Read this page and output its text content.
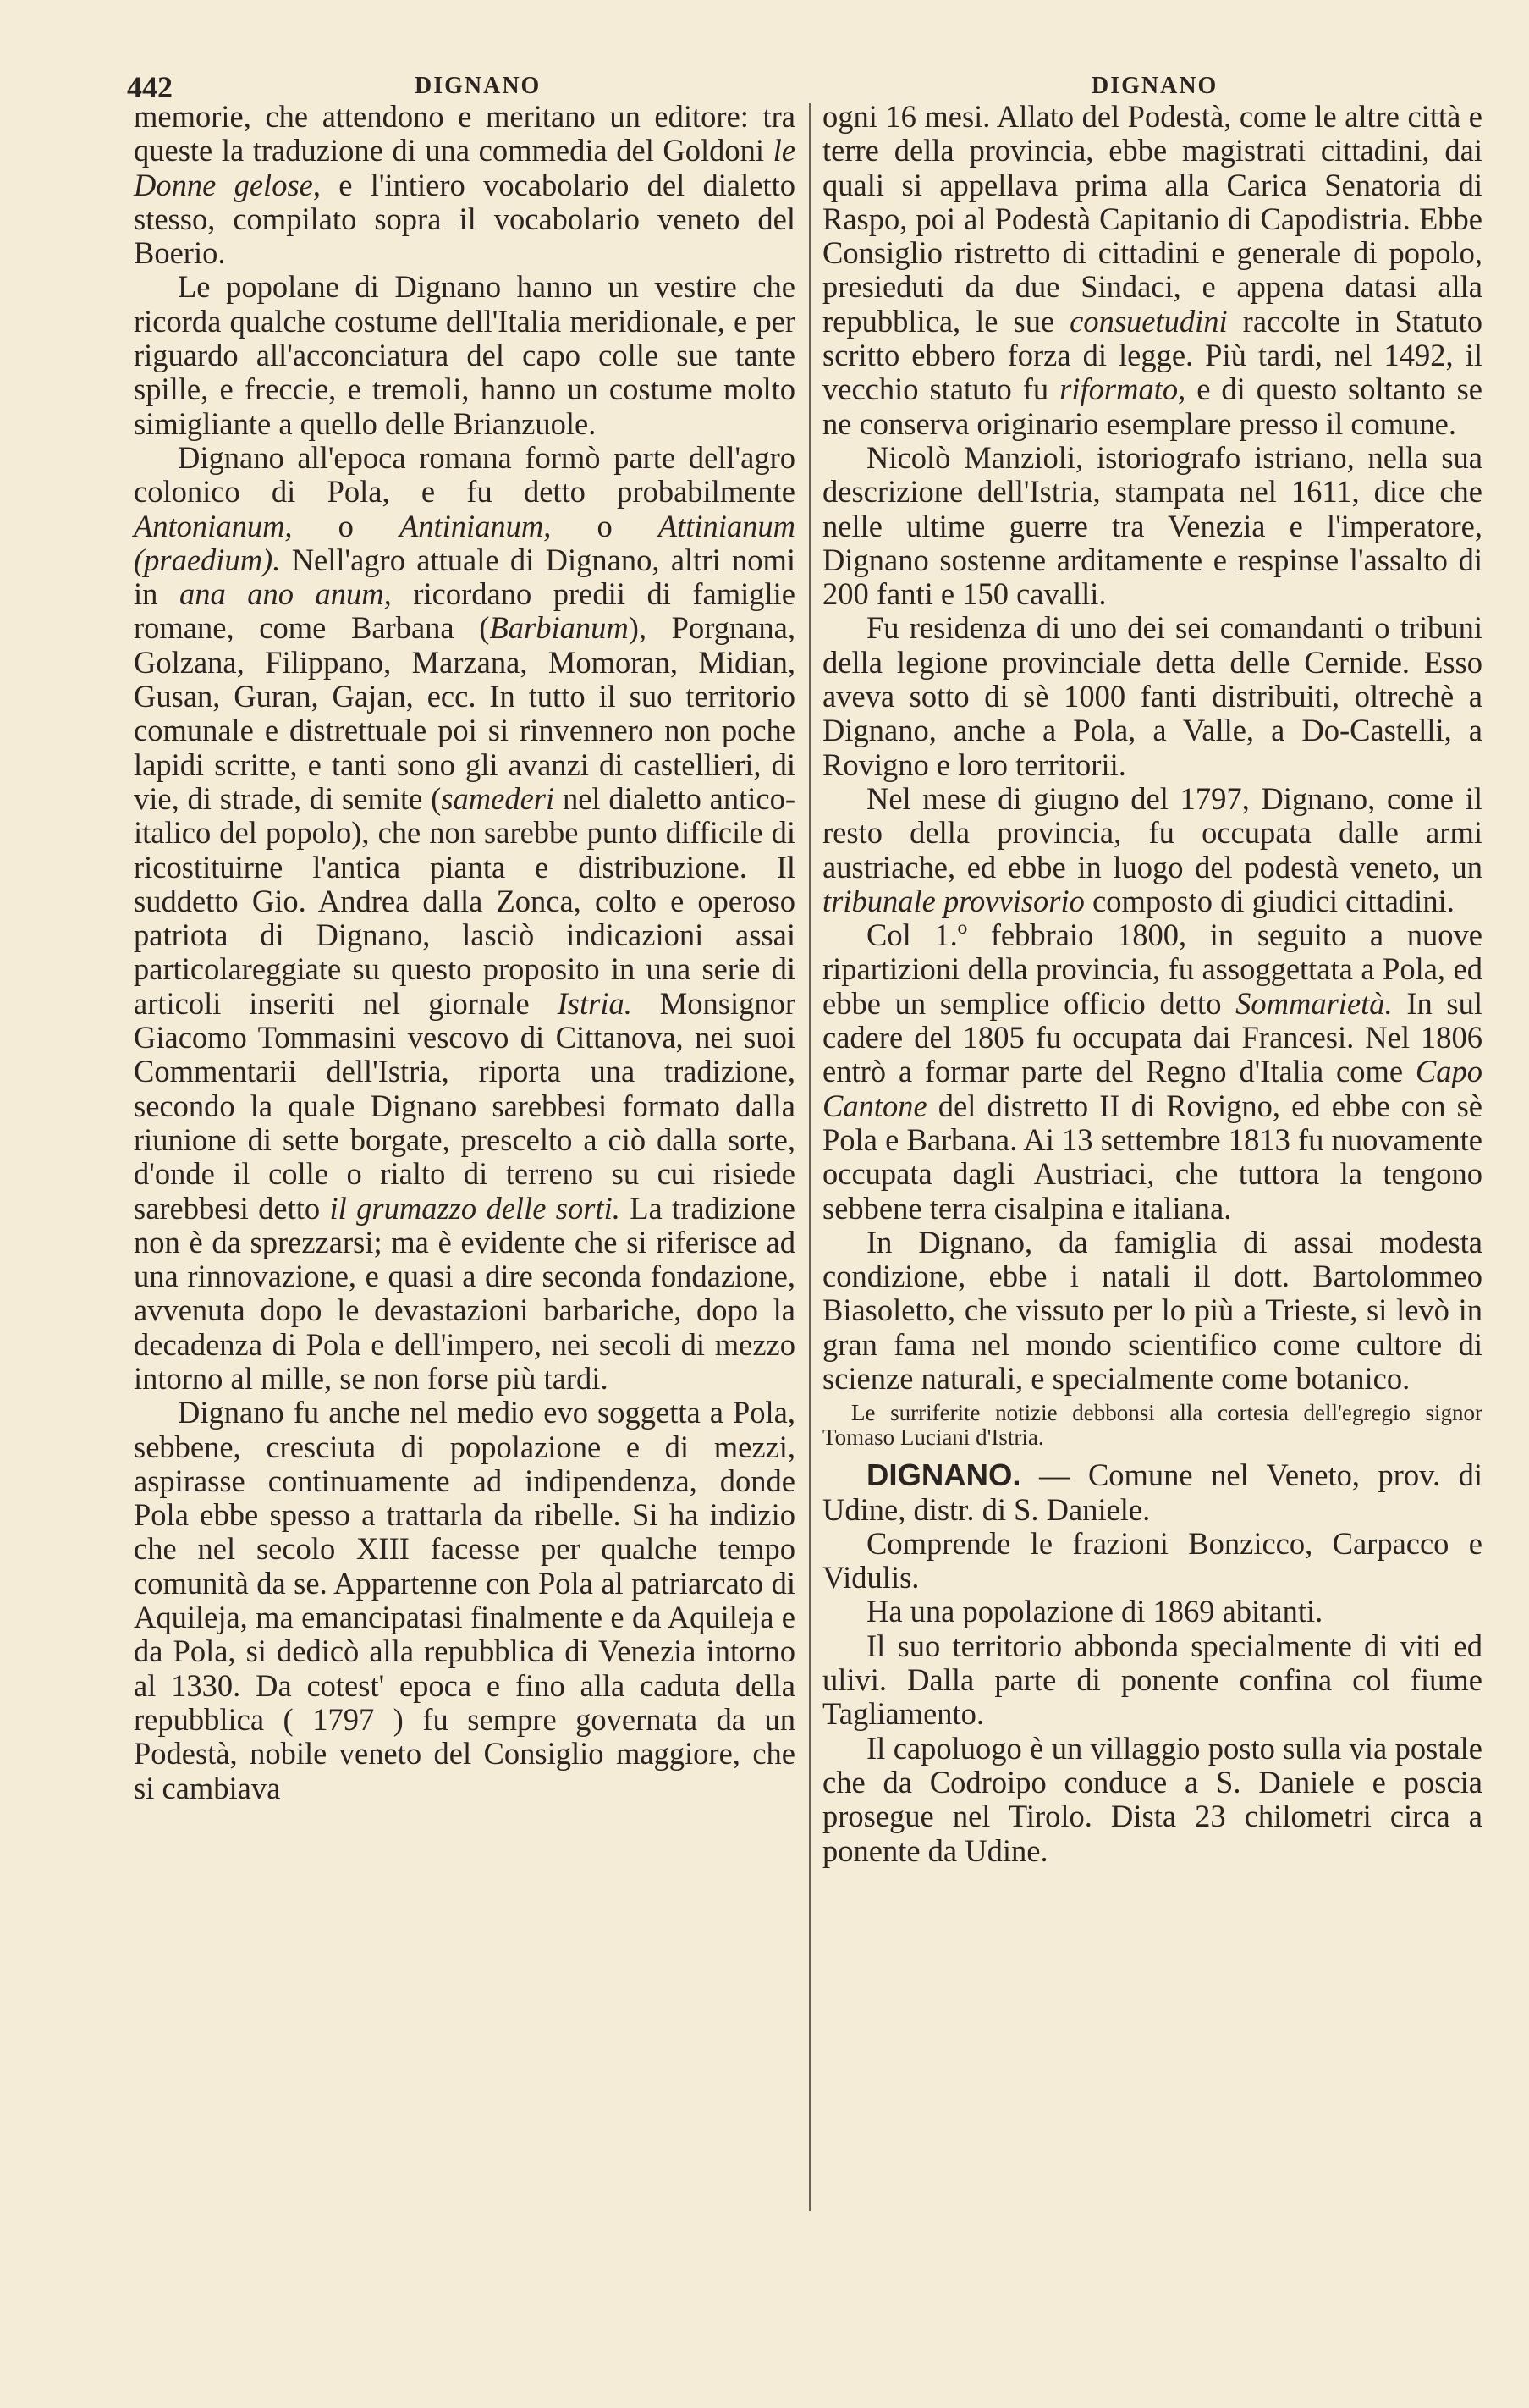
442	DIGNANO	DIGNANO

memorie, che attendono e meritano un editore: tra queste la traduzione di una commedia del Goldoni le Donne gelose, e l'intiero vocabolario del dialetto stesso, compilato sopra il vocabolario veneto del Boerio.

Le popolane di Dignano hanno un vestire che ricorda qualche costume dell'Italia meridionale, e per riguardo all'acconciatura del capo colle sue tante spille, e freccie, e tremoli, hanno un costume molto simigliante a quello delle Brianzuole.

Dignano all'epoca romana formò parte dell'agro colonico di Pola, e fu detto probabilmente Antonianum, o Antinianum, o Attinianum (praedium). Nell'agro attuale di Dignano, altri nomi in ana ano anum, ricordano predii di famiglie romane, come Barbana (Barbianum), Porgnana, Golzana, Filippano, Marzana, Momoran, Midian, Gusan, Guran, Gajan, ecc. In tutto il suo territorio comunale e distrettuale poi si rinvennero non poche lapidi scritte, e tanti sono gli avanzi di castellieri, di vie, di strade, di semite (samederi nel dialetto antico-italico del popolo), che non sarebbe punto difficile di ricostituirne l'antica pianta e distribuzione. Il suddetto Gio. Andrea dalla Zonca, colto e operoso patriota di Dignano, lasciò indicazioni assai particolareggiate su questo proposito in una serie di articoli inseriti nel giornale Istria. Monsignor Giacomo Tommasini vescovo di Cittanova, nei suoi Commentarii dell'Istria, riporta una tradizione, secondo la quale Dignano sarebbesi formato dalla riunione di sette borgate, prescelto a ciò dalla sorte, d'onde il colle o rialto di terreno su cui risiede sarebbesi detto il grumazzo delle sorti. La tradizione non è da sprezzarsi; ma è evidente che si riferisce ad una rinnovazione, e quasi a dire seconda fondazione, avvenuta dopo le devastazioni barbariche, dopo la decadenza di Pola e dell'impero, nei secoli di mezzo intorno al mille, se non forse più tardi.

Dignano fu anche nel medio evo soggetta a Pola, sebbene, cresciuta di popolazione e di mezzi, aspirasse continuamente ad indipendenza, donde Pola ebbe spesso a trattarla da ribelle. Si ha indizio che nel secolo XIII facesse per qualche tempo comunità da se. Appartenne con Pola al patriarcato di Aquileja, ma emancipatasi finalmente e da Aquileja e da Pola, si dedicò alla repubblica di Venezia intorno al 1330. Da cotest' epoca e fino alla caduta della repubblica ( 1797 ) fu sempre governata da un Podestà, nobile veneto del Consiglio maggiore, che si cambiava

ogni 16 mesi. Allato del Podestà, come le altre città e terre della provincia, ebbe magistrati cittadini, dai quali si appellava prima alla Carica Senatoria di Raspo, poi al Podestà Capitanio di Capodistria. Ebbe Consiglio ristretto di cittadini e generale di popolo, presieduti da due Sindaci, e appena datasi alla repubblica, le sue consuetudini raccolte in Statuto scritto ebbero forza di legge. Più tardi, nel 1492, il vecchio statuto fu riformato, e di questo soltanto se ne conserva originario esemplare presso il comune.

Nicolò Manzioli, istoriografo istriano, nella sua descrizione dell'Istria, stampata nel 1611, dice che nelle ultime guerre tra Venezia e l'imperatore, Dignano sostenne arditamente e respinse l'assalto di 200 fanti e 150 cavalli.

Fu residenza di uno dei sei comandanti o tribuni della legione provinciale detta delle Cernide. Esso aveva sotto di sè 1000 fanti distribuiti, oltrechè a Dignano, anche a Pola, a Valle, a Do-Castelli, a Rovigno e loro territorii.

Nel mese di giugno del 1797, Dignano, come il resto della provincia, fu occupata dalle armi austriache, ed ebbe in luogo del podestà veneto, un tribunale provvisorio composto di giudici cittadini.

Col 1.º febbraio 1800, in seguito a nuove ripartizioni della provincia, fu assoggettata a Pola, ed ebbe un semplice officio detto Sommarietà. In sul cadere del 1805 fu occupata dai Francesi. Nel 1806 entrò a formar parte del Regno d'Italia come Capo Cantone del distretto II di Rovigno, ed ebbe con sè Pola e Barbana. Ai 13 settembre 1813 fu nuovamente occupata dagli Austriaci, che tuttora la tengono sebbene terra cisalpina e italiana.

In Dignano, da famiglia di assai modesta condizione, ebbe i natali il dott. Bartolommeo Biasoletto, che vissuto per lo più a Trieste, si levò in gran fama nel mondo scientifico come cultore di scienze naturali, e specialmente come botanico.

Le surriferite notizie debbonsi alla cortesia dell'egregio signor Tomaso Luciani d'Istria.

DIGNANO. — Comune nel Veneto, prov. di Udine, distr. di S. Daniele.

Comprende le frazioni Bonzicco, Carpacco e Vidulis.

Ha una popolazione di 1869 abitanti.

Il suo territorio abbonda specialmente di viti ed ulivi. Dalla parte di ponente confina col fiume Tagliamento.

Il capoluogo è un villaggio posto sulla via postale che da Codroipo conduce a S. Daniele e poscia prosegue nel Tirolo. Dista 23 chilometri circa a ponente da Udine.
